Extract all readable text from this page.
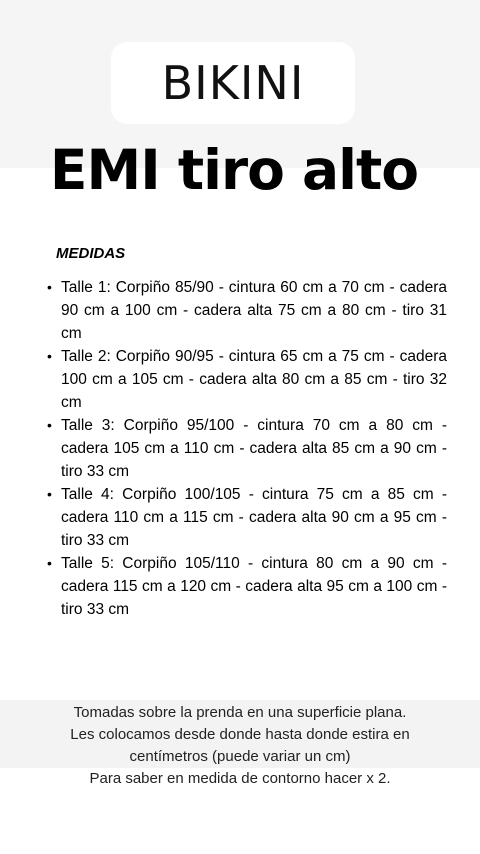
BIKINI
EMI tiro alto

MEDIDAS

• Talle 1: Corpiño 85/90 - cintura 60 cm a 70 cm - cadera 90 cm a 100 cm - cadera alta 75 cm a 80 cm - tiro 31 cm
• Talle 2: Corpiño 90/95 - cintura 65 cm a 75 cm - cadera 100 cm a 105 cm - cadera alta 80 cm a 85 cm - tiro 32 cm
• Talle 3: Corpiño 95/100 - cintura 70 cm a 80 cm - cadera 105 cm a 110 cm - cadera alta 85 cm a 90 cm - tiro 33 cm
• Talle 4: Corpiño 100/105 - cintura 75 cm a 85 cm - cadera 110 cm a 115 cm - cadera alta 90 cm a 95 cm - tiro 33 cm
• Talle 5: Corpiño 105/110 - cintura 80 cm a 90 cm - cadera 115 cm a 120 cm - cadera alta 95 cm a 100 cm - tiro 33 cm
Tomadas sobre la prenda en una superficie plana.
Les colocamos desde donde hasta donde estira en
centímetros (puede variar un cm)
Para saber en medida de contorno hacer x 2.
